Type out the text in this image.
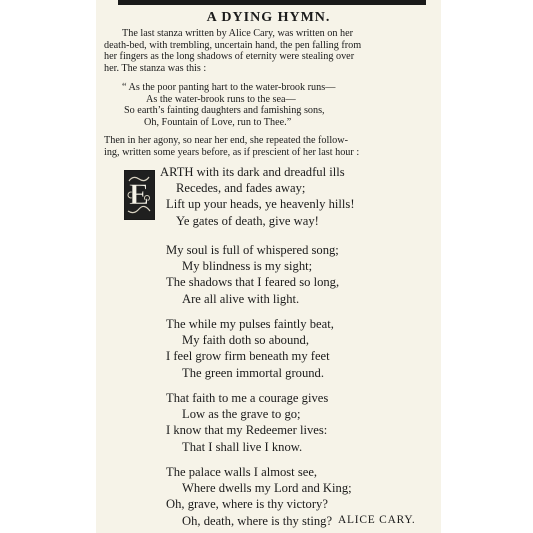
A DYING HYMN.
The last stanza written by Alice Cary, was written on her
death-bed, with trembling, uncertain hand, the pen falling from
her fingers as the long shadows of eternity were stealing over
her. The stanza was this :
“ As the poor panting hart to the water-brook runs—
As the water-brook runs to the sea—
So earth’s fainting daughters and famishing sons,
Oh, Fountain of Love, run to Thee.”
Then in her agony, so near her end, she repeated the follow-
ing, written some years before, as if prescient of her last hour :
E
ARTH with its dark and dreadful ills
Recedes, and fades away;
Lift up your heads, ye heavenly hills!
Ye gates of death, give way!
My soul is full of whispered song;
My blindness is my sight;
The shadows that I feared so long,
Are all alive with light.
The while my pulses faintly beat,
My faith doth so abound,
I feel grow firm beneath my feet
The green immortal ground.
That faith to me a courage gives
Low as the grave to go;
I know that my Redeemer lives:
That I shall live I know.
The palace walls I almost see,
Where dwells my Lord and King;
Oh, grave, where is thy victory?
Oh, death, where is thy sting? ALICE CARY.
